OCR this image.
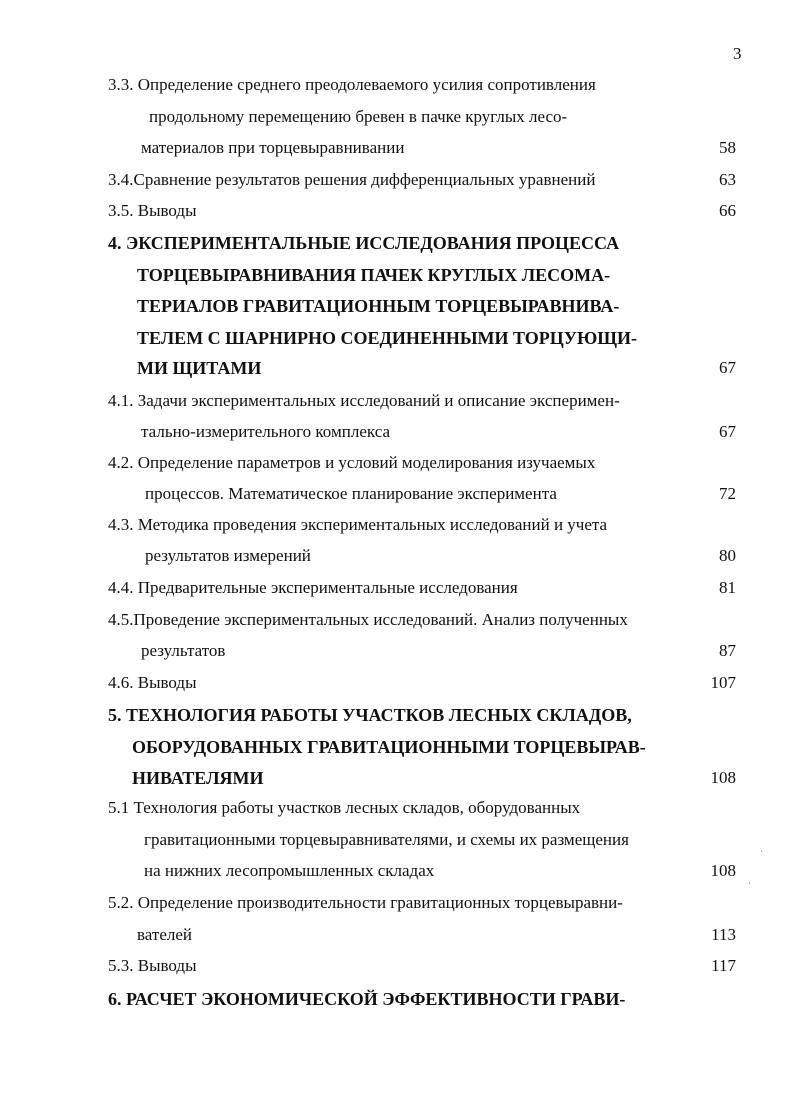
3
3.3. Определение среднего преодолеваемого усилия сопротивления
продольному перемещению бревен в пачке круглых лесо-
материалов при торцевыравнивании	58
3.4.Сравнение результатов решения дифференциальных уравнений	63
3.5. Выводы	66
4. ЭКСПЕРИМЕНТАЛЬНЫЕ ИССЛЕДОВАНИЯ ПРОЦЕССА
ТОРЦЕВЫРАВНИВАНИЯ ПАЧЕК КРУГЛЫХ ЛЕСОМА-
ТЕРИАЛОВ ГРАВИТАЦИОННЫМ ТОРЦЕВЫРАВНИВА-
ТЕЛЕМ С ШАРНИРНО СОЕДИНЕННЫМИ ТОРЦУЮЩИ-
МИ ЩИТАМИ	67
4.1. Задачи экспериментальных исследований и описание эксперимен-
тально-измерительного комплекса	67
4.2. Определение параметров и условий моделирования изучаемых
процессов. Математическое планирование эксперимента	72
4.3. Методика проведения экспериментальных исследований и учета
результатов измерений	80
4.4. Предварительные экспериментальные исследования	81
4.5.Проведение экспериментальных исследований. Анализ полученных
результатов	87
4.6. Выводы	107
5. ТЕХНОЛОГИЯ РАБОТЫ УЧАСТКОВ ЛЕСНЫХ СКЛАДОВ,
ОБОРУДОВАННЫХ ГРАВИТАЦИОННЫМИ ТОРЦЕВЫРАВ-
НИВАТЕЛЯМИ	108
5.1 Технология работы участков лесных складов, оборудованных
гравитационными торцевыравнивателями, и схемы их размещения
на нижних лесопромышленных складах	108
5.2. Определение производительности гравитационных торцевыравни-
вателей	113
5.3. Выводы	117
6. РАСЧЕТ ЭКОНОМИЧЕСКОЙ ЭФФЕКТИВНОСТИ ГРАВИ-
·
·
